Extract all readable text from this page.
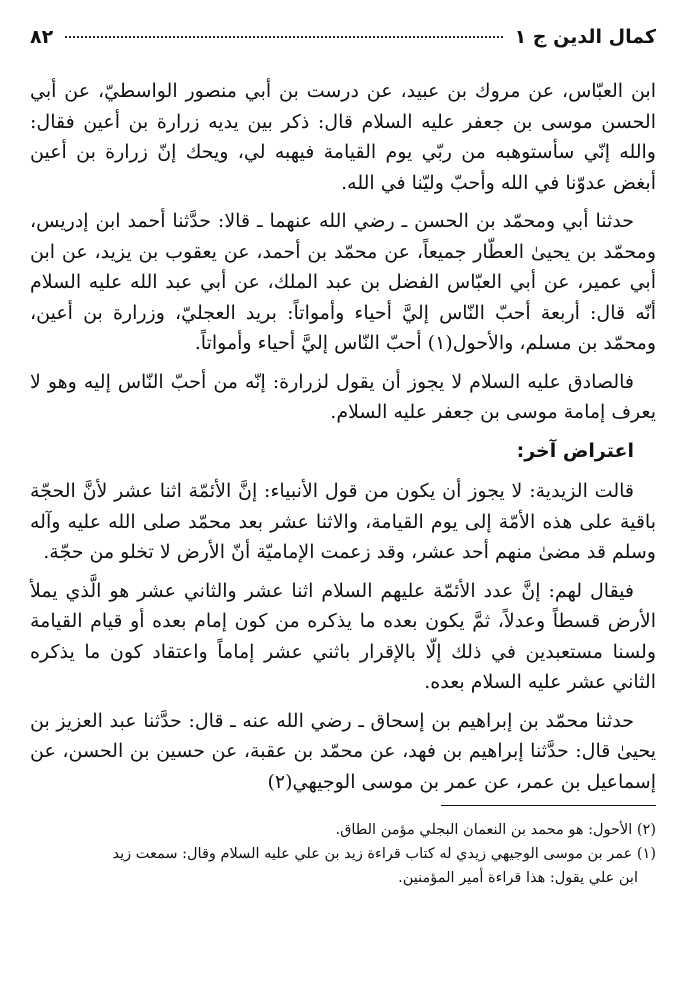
كمال الدين ج ١
٨٢

ابن العبّاس، عن مروك بن عبيد، عن درست بن أبي منصور الواسطيّ، عن أبي الحسن موسى بن جعفر عليه السلام قال: ذكر بين يديه زرارة بن أعين فقال: والله إنّي سأستوهبه من ربّي يوم القيامة فيهبه لي، ويحك إنّ زرارة بن أعين أبغض عدوّنا في الله وأحبّ وليّنا في الله.

حدثنا أبي ومحمّد بن الحسن ـ رضي الله عنهما ـ قالا: حدَّثنا أحمد ابن إدريس، ومحمّد بن يحيىٰ العطّار جميعاً، عن محمّد بن أحمد، عن يعقوب بن يزيد، عن ابن أبي عمير، عن أبي العبّاس الفضل بن عبد الملك، عن أبي عبد الله عليه السلام أنّه قال: أربعة أحبّ النّاس إليَّ أحياء وأمواتاً: بريد العجليّ، وزرارة بن أعين، ومحمّد بن مسلم، والأحول(١) أحبّ النّاس إليَّ أحياء وأمواتاً.

فالصادق عليه السلام لا يجوز أن يقول لزرارة: إنّه من أحبّ النّاس إليه وهو لا يعرف إمامة موسى بن جعفر عليه السلام.

اعتراض آخر:

قالت الزيدية: لا يجوز أن يكون من قول الأنبياء: إنَّ الأئمّة اثنا عشر لأنَّ الحجّة باقية على هذه الأمّة إلى يوم القيامة، والاثنا عشر بعد محمّد صلى الله عليه وآله وسلم قد مضىٰ منهم أحد عشر، وقد زعمت الإماميّة أنّ الأرض لا تخلو من حجّة.

فيقال لهم: إنَّ عدد الأئمّة عليهم السلام اثنا عشر والثاني عشر هو الَّذي يملأ الأرض قسطاً وعدلاً، ثمَّ يكون بعده ما يذكره من كون إمام بعده أو قيام القيامة ولسنا مستعبدين في ذلك إلّا بالإقرار باثني عشر إماماً واعتقاد كون ما يذكره الثاني عشر عليه السلام بعده.

حدثنا محمّد بن إبراهيم بن إسحاق ـ رضي الله عنه ـ قال: حدَّثنا عبد العزيز بن يحيىٰ قال: حدَّثنا إبراهيم بن فهد، عن محمّد بن عقبة، عن حسين بن الحسن، عن إسماعيل بن عمر، عن عمر بن موسى الوجيهي(٢)

(٢) الأحول: هو محمد بن النعمان البجلي مؤمن الطاق.

(١) عمر بن موسى الوجيهي زيدي له كتاب قراءة زيد بن علي عليه السلام وقال: سمعت زيد

ابن علي يقول: هذا قراءة أمير المؤمنين.
